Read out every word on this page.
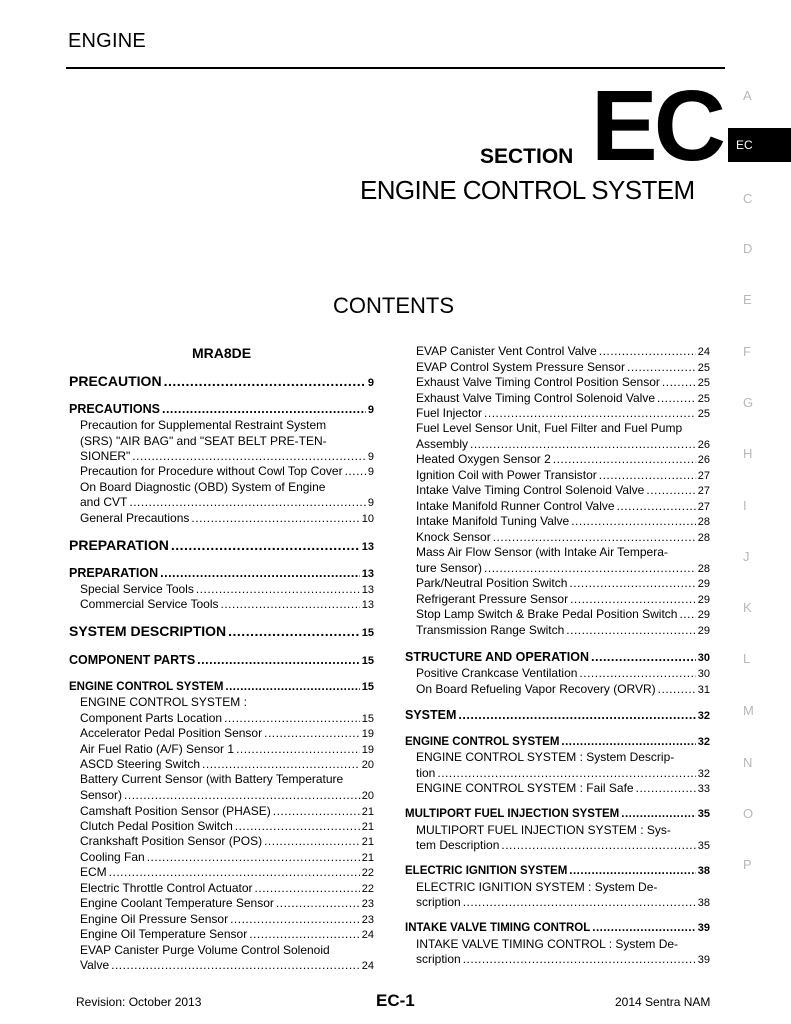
ENGINE
SECTION EC
ENGINE CONTROL SYSTEM
CONTENTS
A
EC
C
D
E
F
G
H
I
J
K
L
M
N
O
P
MRA8DE
PRECAUTION .....	9
PRECAUTIONS .....	9
Precaution for Supplemental Restraint System
(SRS) "AIR BAG" and "SEAT BELT PRE-TEN-
SIONER" .....	9
Precaution for Procedure without Cowl Top Cover ..... 9
On Board Diagnostic (OBD) System of Engine
and CVT .....	9
General Precautions .....	10
PREPARATION .....	13
PREPARATION .....	13
Special Service Tools .....	13
Commercial Service Tools .....	13
SYSTEM DESCRIPTION .....	15
COMPONENT PARTS .....	15
ENGINE CONTROL SYSTEM .....	15
ENGINE CONTROL SYSTEM :
Component Parts Location .....	15
Accelerator Pedal Position Sensor .....	19
Air Fuel Ratio (A/F) Sensor 1 .....	19
ASCD Steering Switch .....	20
Battery Current Sensor (with Battery Temperature
Sensor) .....	20
Camshaft Position Sensor (PHASE) .....	21
Clutch Pedal Position Switch .....	21
Crankshaft Position Sensor (POS) .....	21
Cooling Fan .....	21
ECM .....	22
Electric Throttle Control Actuator .....	22
Engine Coolant Temperature Sensor .....	23
Engine Oil Pressure Sensor .....	23
Engine Oil Temperature Sensor .....	24
EVAP Canister Purge Volume Control Solenoid
Valve .....	24
EVAP Canister Vent Control Valve .....	24
EVAP Control System Pressure Sensor .....	25
Exhaust Valve Timing Control Position Sensor .....	25
Exhaust Valve Timing Control Solenoid Valve .....	25
Fuel Injector .....	25
Fuel Level Sensor Unit, Fuel Filter and Fuel Pump
Assembly .....	26
Heated Oxygen Sensor 2 .....	26
Ignition Coil with Power Transistor .....	27
Intake Valve Timing Control Solenoid Valve .....	27
Intake Manifold Runner Control Valve .....	27
Intake Manifold Tuning Valve .....	28
Knock Sensor .....	28
Mass Air Flow Sensor (with Intake Air Tempera-
ture Sensor) .....	28
Park/Neutral Position Switch .....	29
Refrigerant Pressure Sensor .....	29
Stop Lamp Switch & Brake Pedal Position Switch ..... 29
Transmission Range Switch .....	29
STRUCTURE AND OPERATION .....	30
Positive Crankcase Ventilation .....	30
On Board Refueling Vapor Recovery (ORVR) .....	31
SYSTEM .....	32
ENGINE CONTROL SYSTEM .....	32
ENGINE CONTROL SYSTEM : System Descrip-
tion .....	32
ENGINE CONTROL SYSTEM : Fail Safe .....	33
MULTIPORT FUEL INJECTION SYSTEM .....	35
MULTIPORT FUEL INJECTION SYSTEM : Sys-
tem Description .....	35
ELECTRIC IGNITION SYSTEM .....	38
ELECTRIC IGNITION SYSTEM : System De-
scription .....	38
INTAKE VALVE TIMING CONTROL .....	39
INTAKE VALVE TIMING CONTROL : System De-
scription .....	39
Revision: October 2013	EC-1	2014 Sentra NAM
